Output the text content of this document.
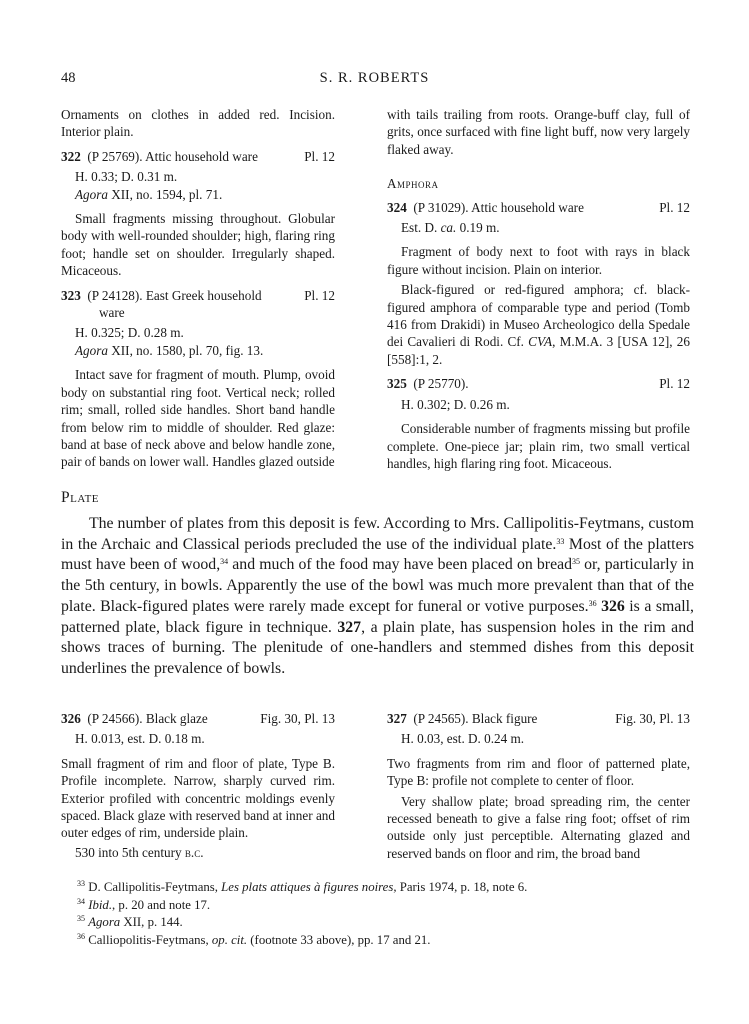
48	S. R. ROBERTS

Ornaments on clothes in added red. Incision. Interior plain.

322 (P 25769). Attic household ware	Pl. 12

H. 0.33; D. 0.31 m.

Agora XII, no. 1594, pl. 71.

Small fragments missing throughout. Globular body with well-rounded shoulder; high, flaring ring foot; handle set on shoulder. Irregularly shaped. Micaceous.

323 (P 24128). East Greek household	Pl. 12

ware

H. 0.325; D. 0.28 m.

Agora XII, no. 1580, pl. 70, fig. 13.

Intact save for fragment of mouth. Plump, ovoid body on substantial ring foot. Vertical neck; rolled rim; small, rolled side handles. Short band handle from below rim to middle of shoulder. Red glaze: band at base of neck above and below handle zone, pair of bands on lower wall. Handles glazed outside

with tails trailing from roots. Orange-buff clay, full of grits, once surfaced with fine light buff, now very largely flaked away.

Amphora

324 (P 31029). Attic household ware	Pl. 12

Est. D. ca. 0.19 m.

Fragment of body next to foot with rays in black figure without incision. Plain on interior.

Black-figured or red-figured amphora; cf. black-figured amphora of comparable type and period (Tomb 416 from Drakidi) in Museo Archeologico della Spedale dei Cavalieri di Rodi. Cf. CVA, M.M.A. 3 [USA 12], 26 [558]:1, 2.

325 (P 25770).	Pl. 12

H. 0.302; D. 0.26 m.

Considerable number of fragments missing but profile complete. One-piece jar; plain rim, two small vertical handles, high flaring ring foot. Micaceous.

Plate

The number of plates from this deposit is few. According to Mrs. Callipolitis-Feytmans, custom in the Archaic and Classical periods precluded the use of the individual plate.$^{33}$ Most of the platters must have been of wood,$^{34}$ and much of the food may have been placed on bread$^{35}$ or, particularly in the 5th century, in bowls. Apparently the use of the bowl was much more prevalent than that of the plate. Black-figured plates were rarely made except for funeral or votive purposes.$^{36}$ 326 is a small, patterned plate, black figure in technique. 327, a plain plate, has suspension holes in the rim and shows traces of burning. The plenitude of one-handlers and stemmed dishes from this deposit underlines the prevalence of bowls.

326 (P 24566). Black glaze	Fig. 30, Pl. 13

H. 0.013, est. D. 0.18 m.

Small fragment of rim and floor of plate, Type B. Profile incomplete. Narrow, sharply curved rim. Exterior profiled with concentric moldings evenly spaced. Black glaze with reserved band at inner and outer edges of rim, underside plain.

530 into 5th century b.c.

327 (P 24565). Black figure	Fig. 30, Pl. 13

H. 0.03, est. D. 0.24 m.

Two fragments from rim and floor of patterned plate, Type B: profile not complete to center of floor.

Very shallow plate; broad spreading rim, the center recessed beneath to give a false ring foot; offset of rim outside only just perceptible. Alternating glazed and reserved bands on floor and rim, the broad band

$^{33}$ D. Callipolitis-Feytmans, Les plats attiques à figures noires, Paris 1974, p. 18, note 6.

$^{34}$ Ibid., p. 20 and note 17.

$^{35}$ Agora XII, p. 144.

$^{36}$ Calliopolitis-Feytmans, op. cit. (footnote 33 above), pp. 17 and 21.
